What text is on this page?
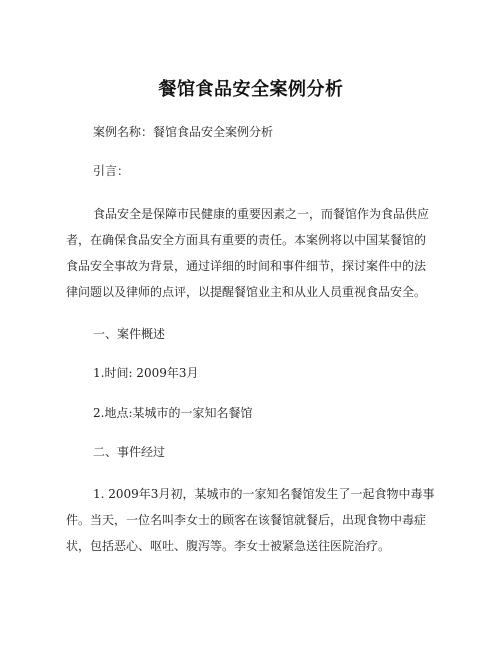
餐馆食品安全案例分析

案例名称：餐馆食品安全案例分析

引言：

食品安全是保障市民健康的重要因素之一，而餐馆作为食品供应
者，在确保食品安全方面具有重要的责任。本案例将以中国某餐馆的
食品安全事故为背景，通过详细的时间和事件细节，探讨案件中的法
律问题以及律师的点评，以提醒餐馆业主和从业人员重视食品安全。

一、案件概述

1.时间: 2009年3月

2.地点:某城市的一家知名餐馆

二、事件经过

1. 2009年3月初，某城市的一家知名餐馆发生了一起食物中毒事
件。当天，一位名叫李女士的顾客在该餐馆就餐后，出现食物中毒症
状，包括恶心、呕吐、腹泻等。李女士被紧急送往医院治疗。
